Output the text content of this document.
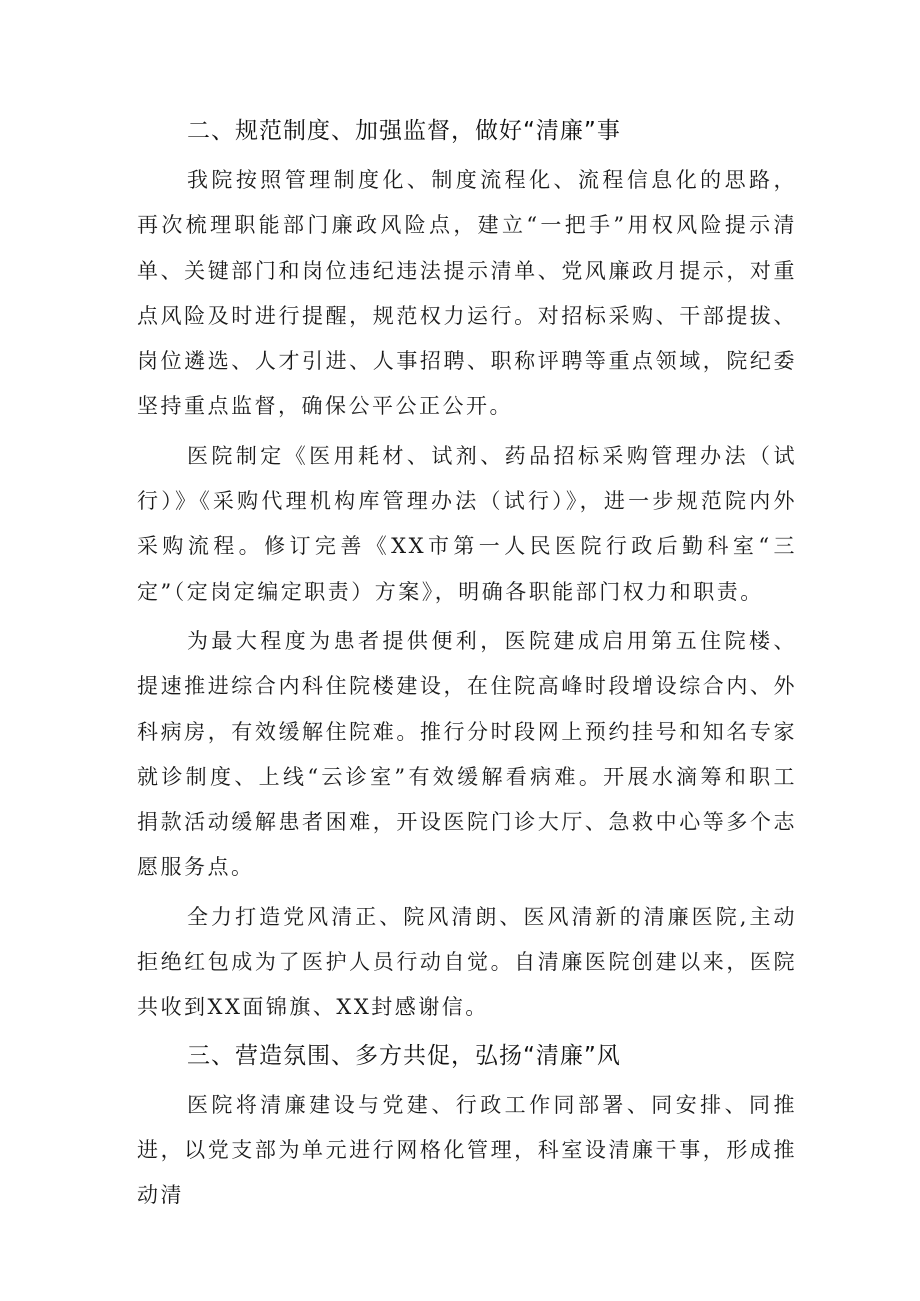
二、规范制度、加强监督，做好“清廉”事

我院按照管理制度化、制度流程化、流程信息化的思路，再次梳理职能部门廉政风险点，建立“一把手”用权风险提示清单、关键部门和岗位违纪违法提示清单、党风廉政月提示，对重点风险及时进行提醒，规范权力运行。对招标采购、干部提拔、岗位遴选、人才引进、人事招聘、职称评聘等重点领域，院纪委坚持重点监督，确保公平公正公开。

医院制定《医用耗材、试剂、药品招标采购管理办法（试行）》《采购代理机构库管理办法（试行）》，进一步规范院内外采购流程。修订完善《XX市第一人民医院行政后勤科室“三定”（定岗定编定职责）方案》，明确各职能部门权力和职责。

为最大程度为患者提供便利，医院建成启用第五住院楼、提速推进综合内科住院楼建设，在住院高峰时段增设综合内、外科病房，有效缓解住院难。推行分时段网上预约挂号和知名专家就诊制度、上线“云诊室”有效缓解看病难。开展水滴筹和职工捐款活动缓解患者困难，开设医院门诊大厅、急救中心等多个志愿服务点。

全力打造党风清正、院风清朗、医风清新的清廉医院,主动拒绝红包成为了医护人员行动自觉。自清廉医院创建以来，医院共收到XX面锦旗、XX封感谢信。

三、营造氛围、多方共促，弘扬“清廉”风

医院将清廉建设与党建、行政工作同部署、同安排、同推进，以党支部为单元进行网格化管理，科室设清廉干事，形成推动清
